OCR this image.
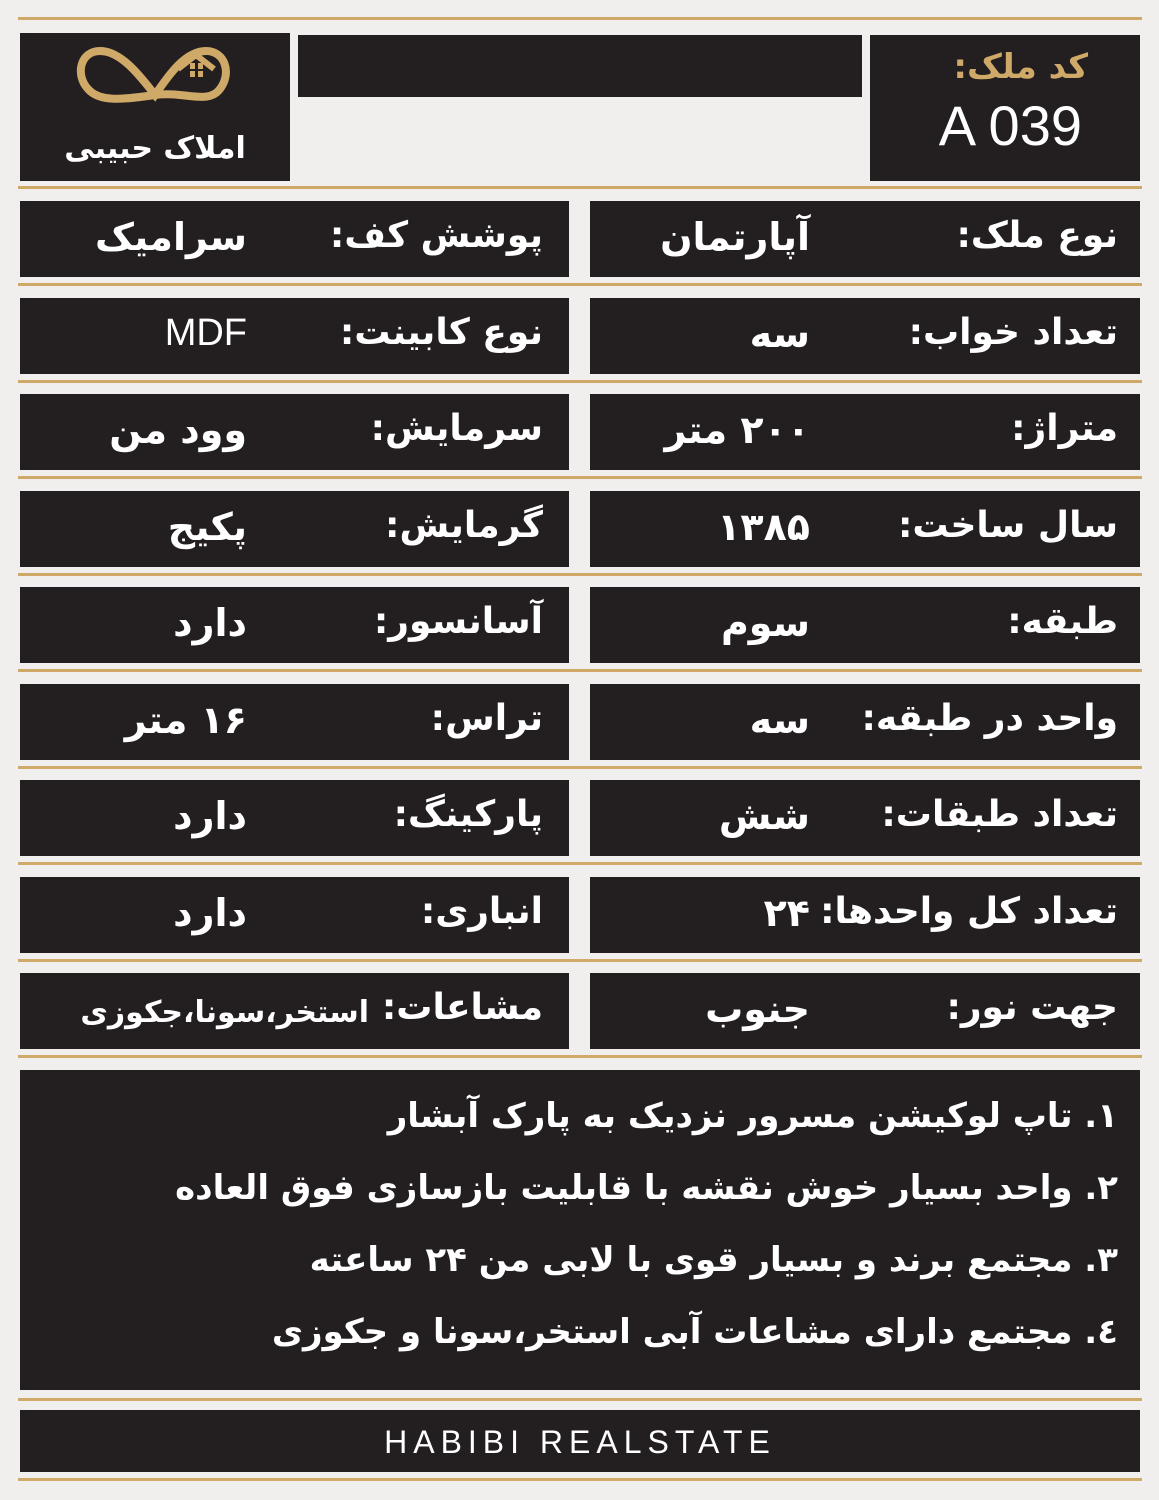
املاک حبیبی
کد ملک:
A 039
نوع ملک:
آپارتمان
پوشش کف:
سرامیک
تعداد خواب:
سه
نوع کابینت:
MDF
متراژ:
۲۰۰ متر
سرمایش:
وود من
سال ساخت:
۱۳۸۵
گرمایش:
پکیج
طبقه:
سوم
آسانسور:
دارد
واحد در طبقه:
سه
تراس:
۱۶ متر
تعداد طبقات:
شش
پارکینگ:
دارد
تعداد کل واحدها:
۲۴
انباری:
دارد
جهت نور:
جنوب
مشاعات:
استخر،سونا،جکوزی
۱. تاپ لوکیشن مسرور نزدیک به پارک آبشار
۲. واحد بسیار خوش نقشه با قابلیت بازسازی فوق العاده
۳. مجتمع برند و بسیار قوی با لابی من ۲۴ ساعته
٤. مجتمع دارای مشاعات آبی استخر،سونا و جکوزی
HABIBI REALSTATE
